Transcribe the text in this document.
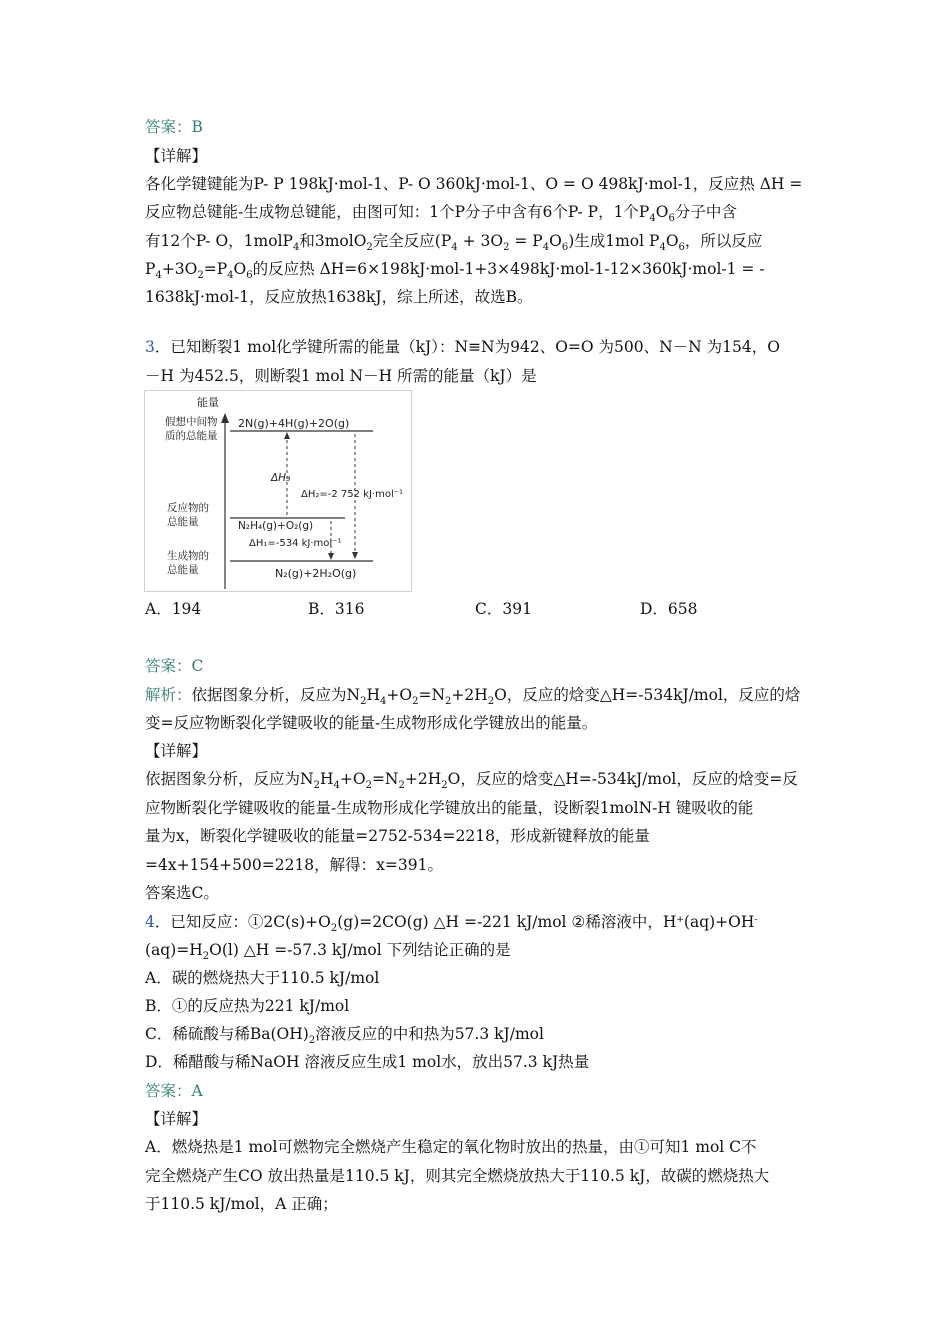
答案：B
【详解】
各化学键键能为P- P 198kJ·mol-1、P- O 360kJ·mol-1、O = O 498kJ·mol-1，反应热 ΔH =
反应物总键能-生成物总键能，由图可知：1个P分子中含有6个P- P，1个$P_4O_6$分子中含
有12个P- O，1molP$_4$和3molO$_2$完全反应$(P_4 + 3O_2 = P_4O_6)$生成1mol $P_4O_6$，所以反应
$P_4+3O_2=P_4O_6$的反应热 ΔH=6×198kJ·mol-1+3×498kJ·mol-1-12×360kJ·mol-1 = -
1638kJ·mol-1，反应放热1638kJ，综上所述，故选B。
3．已知断裂1 mol化学键所需的能量（kJ）：N≡N为942、O=O 为500、N－N 为154，O
－H 为452.5，则断裂1 mol N－H 所需的能量（kJ）是
能量
假想中间物
质的总能量
反应物的
总能量
生成物的
总能量
2N(g)+4H(g)+2O(g)
N₂H₄(g)+O₂(g)
N₂(g)+2H₂O(g)
ΔH₃
ΔH₂=-2 752 kJ·mol⁻¹
ΔH₁=-534 kJ·mol⁻¹
A．194	B．316	C．391	D．658
答案：C
解析：依据图象分析，反应为$N_2H_4+O_2=N_2+2H_2O$，反应的焓变△H=-534kJ/mol，反应的焓
变=反应物断裂化学键吸收的能量-生成物形成化学键放出的能量。
【详解】
依据图象分析，反应为$N_2H_4+O_2=N_2+2H_2O$，反应的焓变△H=-534kJ/mol，反应的焓变=反
应物断裂化学键吸收的能量-生成物形成化学键放出的能量，设断裂1molN-H 键吸收的能
量为x，断裂化学键吸收的能量=2752-534=2218，形成新键释放的能量
=4x+154+500=2218，解得：x=391。
答案选C。
4．已知反应：$①2C(s)+O_2(g)=2CO(g)$ △H =-221 kJ/mol ②稀溶液中，H+(aq)+OH-
$(aq)=H_2O(l)$ △H =-57.3 kJ/mol 下列结论正确的是
A．碳的燃烧热大于110.5 kJ/mol
B．①的反应热为221 kJ/mol
C．稀硫酸与稀$Ba(OH)_2$溶液反应的中和热为57.3 kJ/mol
D．稀醋酸与稀NaOH 溶液反应生成1 mol水，放出57.3 kJ热量
答案：A
【详解】
A．燃烧热是1 mol可燃物完全燃烧产生稳定的氧化物时放出的热量，由①可知1 mol C不
完全燃烧产生CO 放出热量是110.5 kJ，则其完全燃烧放热大于110.5 kJ，故碳的燃烧热大
于110.5 kJ/mol，A 正确；
